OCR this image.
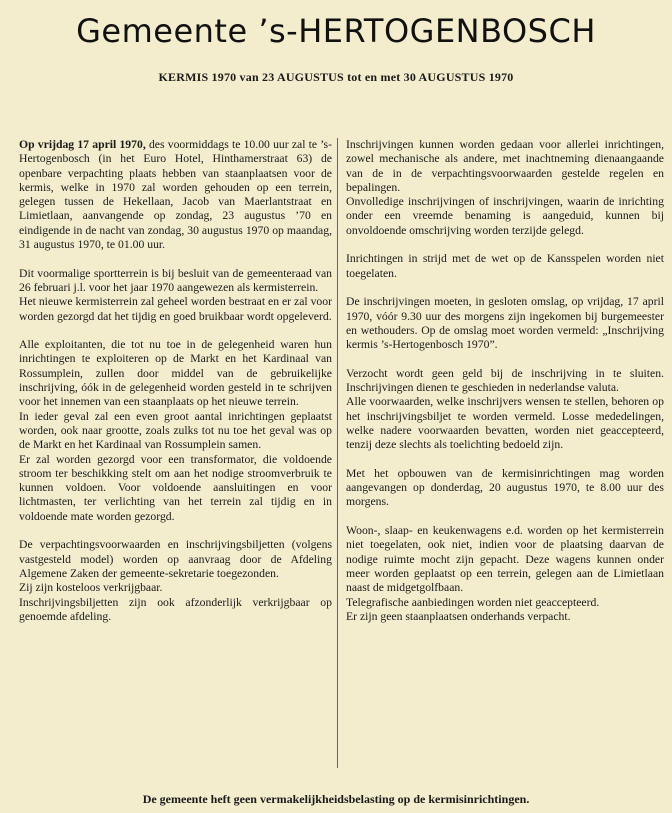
Gemeente ’s-HERTOGENBOSCH
KERMIS 1970 van 23 AUGUSTUS tot en met 30 AUGUSTUS 1970

Op vrijdag 17 april 1970, des voormiddags te 10.00 uur zal te ’s-Hertogenbosch (in het Euro Hotel, Hinthamerstraat 63) de openbare verpachting plaats hebben van staanplaatsen voor de kermis, welke in 1970 zal worden gehouden op een terrein, gelegen tussen de Hekellaan, Jacob van Maerlantstraat en Limietlaan, aanvangende op zondag, 23 augustus ’70 en eindigende in de nacht van zondag, 30 augustus 1970 op maandag, 31 augustus 1970, te 01.00 uur.

Dit voormalige sportterrein is bij besluit van de gemeenteraad van 26 februari j.l. voor het jaar 1970 aangewezen als kermisterrein.

Het nieuwe kermisterrein zal geheel worden bestraat en er zal voor worden gezorgd dat het tijdig en goed bruikbaar wordt opgeleverd.

Alle exploitanten, die tot nu toe in de gelegenheid waren hun inrichtingen te exploiteren op de Markt en het Kardinaal van Rossumplein, zullen door middel van de gebruikelijke inschrijving, óók in de gelegenheid worden gesteld in te schrijven voor het innemen van een staanplaats op het nieuwe terrein.

In ieder geval zal een even groot aantal inrichtingen geplaatst worden, ook naar grootte, zoals zulks tot nu toe het geval was op de Markt en het Kardinaal van Rossumplein samen.

Er zal worden gezorgd voor een transformator, die voldoende stroom ter beschikking stelt om aan het nodige stroomverbruik te kunnen voldoen. Voor voldoende aansluitingen en voor lichtmasten, ter verlichting van het terrein zal tijdig en in voldoende mate worden gezorgd.

De verpachtingsvoorwaarden en inschrijvingsbiljetten (volgens vastgesteld model) worden op aanvraag door de Afdeling Algemene Zaken der gemeente-sekretarie toegezonden.

Zij zijn kosteloos verkrijgbaar.

Inschrijvingsbiljetten zijn ook afzonderlijk verkrijgbaar op genoemde afdeling.

Inschrijvingen kunnen worden gedaan voor allerlei inrichtingen, zowel mechanische als andere, met inachtneming dienaangaande van de in de verpachtingsvoorwaarden gestelde regelen en bepalingen.

Onvolledige inschrijvingen of inschrijvingen, waarin de inrichting onder een vreemde benaming is aangeduid, kunnen bij onvoldoende omschrijving worden terzijde gelegd.

Inrichtingen in strijd met de wet op de Kansspelen worden niet toegelaten.

De inschrijvingen moeten, in gesloten omslag, op vrijdag, 17 april 1970, vóór 9.30 uur des morgens zijn ingekomen bij burgemeester en wethouders. Op de omslag moet worden vermeld: „Inschrijving kermis ’s-Hertogenbosch 1970”.

Verzocht wordt geen geld bij de inschrijving in te sluiten. Inschrijvingen dienen te geschieden in nederlandse valuta.

Alle voorwaarden, welke inschrijvers wensen te stellen, behoren op het inschrijvingsbiljet te worden vermeld. Losse mededelingen, welke nadere voorwaarden bevatten, worden niet geaccepteerd, tenzij deze slechts als toelichting bedoeld zijn.

Met het opbouwen van de kermisinrichtingen mag worden aangevangen op donderdag, 20 augustus 1970, te 8.00 uur des morgens.

Woon-, slaap- en keukenwagens e.d. worden op het kermisterrein niet toegelaten, ook niet, indien voor de plaatsing daarvan de nodige ruimte mocht zijn gepacht. Deze wagens kunnen onder meer worden geplaatst op een terrein, gelegen aan de Limietlaan naast de midgetgolfbaan.

Telegrafische aanbiedingen worden niet geaccepteerd.

Er zijn geen staanplaatsen onderhands verpacht.

De gemeente heft geen vermakelijkheidsbelasting op de kermisinrichtingen.
